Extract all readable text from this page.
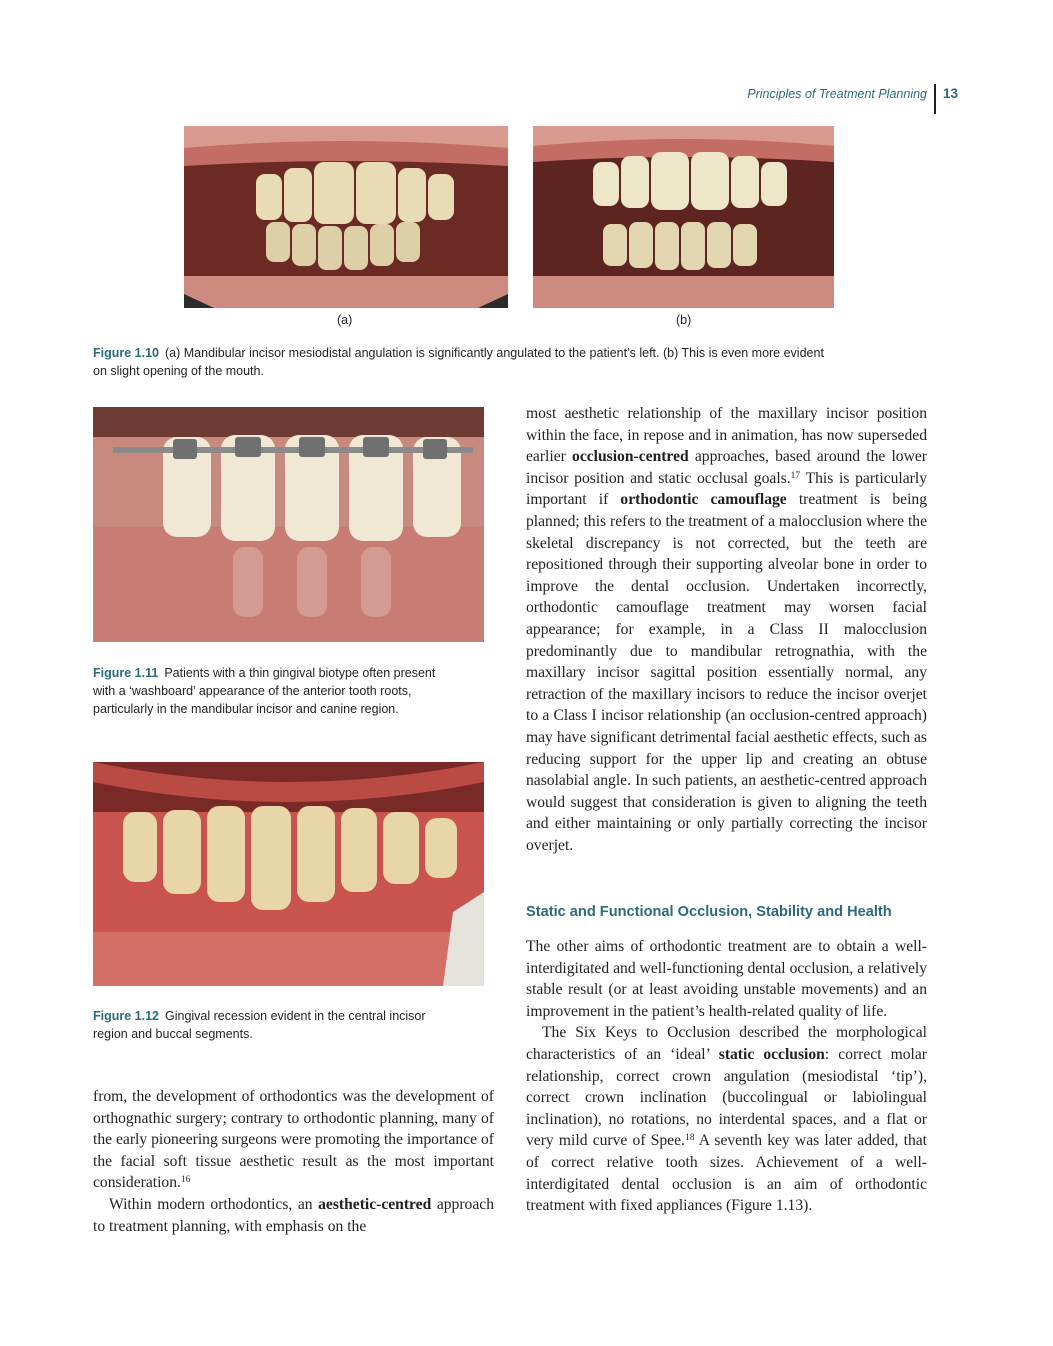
Principles of Treatment Planning 13
(a)	(b)
Figure 1.10 (a) Mandibular incisor mesiodistal angulation is significantly angulated to the patient’s left. (b) This is even more evident
on slight opening of the mouth.
Figure 1.11 Patients with a thin gingival biotype often present
with a ‘washboard’ appearance of the anterior tooth roots,
particularly in the mandibular incisor and canine region.
Figure 1.12 Gingival recession evident in the central incisor
region and buccal segments.

from, the development of orthodontics was the development of orthognathic surgery; contrary to orthodontic planning, many of the early pioneering surgeons were promoting the importance of the facial soft tissue aesthetic result as the most important consideration.$^{16}$

Within modern orthodontics, an aesthetic-centred approach to treatment planning, with emphasis on the

most aesthetic relationship of the maxillary incisor position within the face, in repose and in animation, has now superseded earlier occlusion-centred approaches, based around the lower incisor position and static occlusal goals.$^{17}$ This is particularly important if orthodontic camouflage treatment is being planned; this refers to the treatment of a malocclusion where the skeletal discrepancy is not corrected, but the teeth are repositioned through their supporting alveolar bone in order to improve the dental occlusion. Undertaken incorrectly, orthodontic camouflage treatment may worsen facial appearance; for example, in a Class II malocclusion predominantly due to mandibular retrognathia, with the maxillary incisor sagittal position essentially normal, any retraction of the maxillary incisors to reduce the incisor overjet to a Class I incisor relationship (an occlusion-centred approach) may have significant detrimental facial aesthetic effects, such as reducing support for the upper lip and creating an obtuse nasolabial angle. In such patients, an aesthetic-centred approach would suggest that consideration is given to aligning the teeth and either maintaining or only partially correcting the incisor overjet.

Static and Functional Occlusion, Stability and Health

The other aims of orthodontic treatment are to obtain a well-interdigitated and well-functioning dental occlusion, a relatively stable result (or at least avoiding unstable movements) and an improvement in the patient’s health-related quality of life.

The Six Keys to Occlusion described the morphological characteristics of an ‘ideal’ static occlusion: correct molar relationship, correct crown angulation (mesiodistal ‘tip’), correct crown inclination (buccolingual or labiolingual inclination), no rotations, no interdental spaces, and a flat or very mild curve of Spee.$^{18}$ A seventh key was later added, that of correct relative tooth sizes. Achievement of a well-interdigitated dental occlusion is an aim of orthodontic treatment with fixed appliances (Figure 1.13).
